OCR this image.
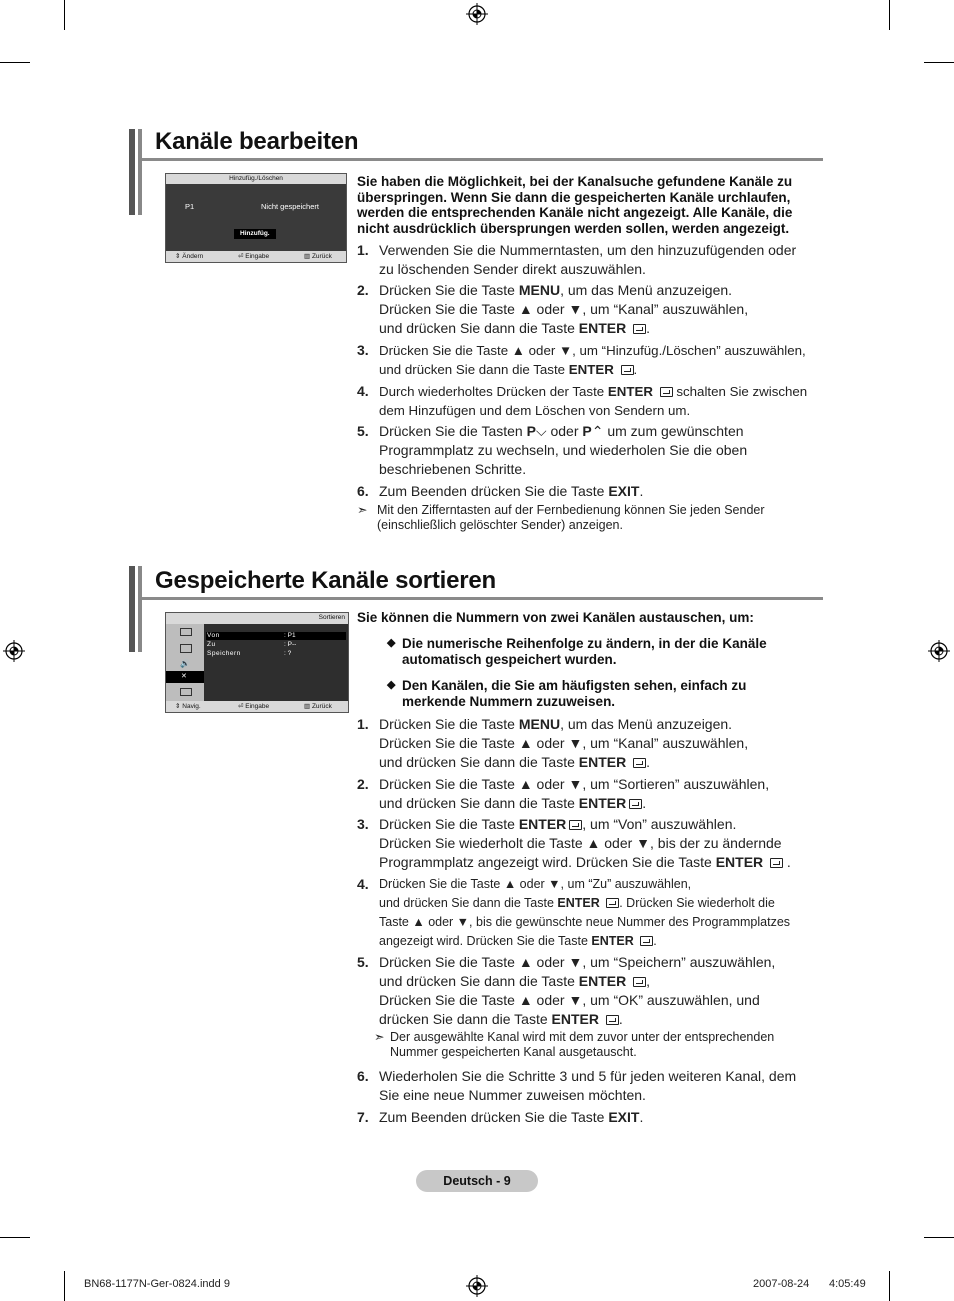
Kanäle bearbeiten
Hinzufüg./Löschen
P1	Nicht gespeichert
Hinzufüg.
⇕ Ändern	⏎ Eingabe	▥ Zurück
Sie haben die Möglichkeit, bei der Kanalsuche gefundene Kanäle zu
überspringen. Wenn Sie dann die gespeicherten Kanäle urchlaufen,
werden die entsprechenden Kanäle nicht angezeigt. Alle Kanäle, die
nicht ausdrücklich übersprungen werden sollen, werden angezeigt.
1. Verwenden Sie die Nummerntasten, um den hinzuzufügenden oder
zu löschenden Sender direkt auszuwählen.
2. Drücken Sie die Taste MENU, um das Menü anzuzeigen.
Drücken Sie die Taste ▲ oder ▼, um “Kanal” auszuwählen,
und drücken Sie dann die Taste ENTER .
3. Drücken Sie die Taste ▲ oder ▼, um “Hinzufüg./Löschen” auszuwählen,
und drücken Sie dann die Taste ENTER .
4. Durch wiederholtes Drücken der Taste ENTER  schalten Sie zwischen
dem Hinzufügen und dem Löschen von Sendern um.
5. Drücken Sie die Tasten P⌵ oder P⌃ um zum gewünschten
Programmplatz zu wechseln, und wiederholen Sie die oben
beschriebenen Schritte.
6. Zum Beenden drücken Sie die Taste EXIT.
➣ Mit den Zifferntasten auf der Fernbedienung können Sie jeden Sender
(einschließlich gelöschter Sender) anzeigen.
Gespeicherte Kanäle sortieren
Sortieren
🔊
✕
Von	: P1
Zu	: P--
Speichern	: ?
⇕ Navig.	⏎ Eingabe	▥ Zurück
Sie können die Nummern von zwei Kanälen austauschen, um:
◆ Die numerische Reihenfolge zu ändern, in der die Kanäle
automatisch gespeichert wurden.
◆ Den Kanälen, die Sie am häufigsten sehen, einfach zu
merkende Nummern zuzuweisen.
1. Drücken Sie die Taste MENU, um das Menü anzuzeigen.
Drücken Sie die Taste ▲ oder ▼, um “Kanal” auszuwählen,
und drücken Sie dann die Taste ENTER .
2. Drücken Sie die Taste ▲ oder ▼, um “Sortieren” auszuwählen,
und drücken Sie dann die Taste ENTER .
3. Drücken Sie die Taste ENTER , um “Von” auszuwählen.
Drücken Sie wiederholt die Taste ▲ oder ▼, bis der zu ändernde
Programmplatz angezeigt wird. Drücken Sie die Taste ENTER  .
4. Drücken Sie die Taste ▲ oder ▼, um “Zu” auszuwählen,
und drücken Sie dann die Taste ENTER . Drücken Sie wiederholt die
Taste ▲ oder ▼, bis die gewünschte neue Nummer des Programmplatzes
angezeigt wird. Drücken Sie die Taste ENTER .
5. Drücken Sie die Taste ▲ oder ▼, um “Speichern” auszuwählen,
und drücken Sie dann die Taste ENTER ,
Drücken Sie die Taste ▲ oder ▼, um “OK” auszuwählen, und
drücken Sie dann die Taste ENTER .
➣ Der ausgewählte Kanal wird mit dem zuvor unter der entsprechenden
Nummer gespeicherten Kanal ausgetauscht.
6. Wiederholen Sie die Schritte 3 und 5 für jeden weiteren Kanal, dem
Sie eine neue Nummer zuweisen möchten.
7. Zum Beenden drücken Sie die Taste EXIT.
Deutsch - 9
BN68-1177N-Ger-0824.indd 9	2007-08-24 4:05:49
